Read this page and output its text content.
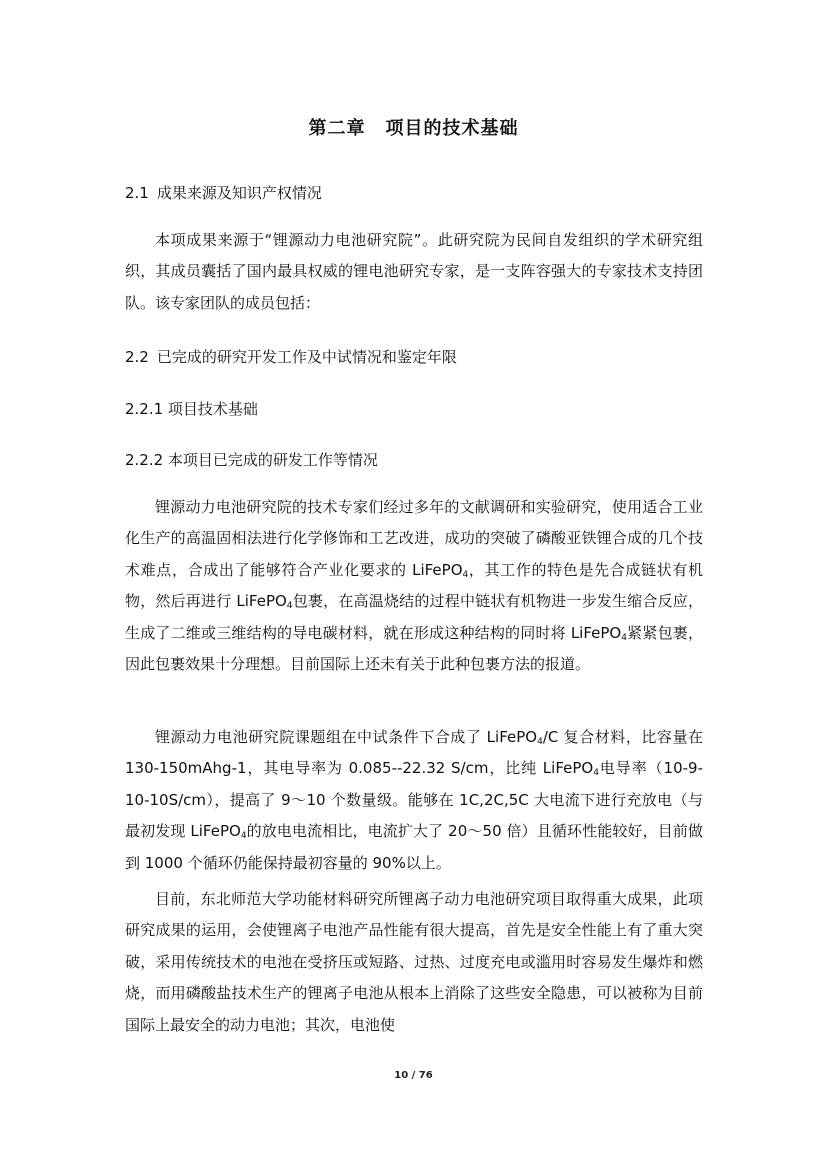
第二章 项目的技术基础
2.1 成果来源及知识产权情况

本项成果来源于“锂源动力电池研究院”。此研究院为民间自发组织的学术研究组织，其成员囊括了国内最具权威的锂电池研究专家，是一支阵容强大的专家技术支持团队。该专家团队的成员包括：

2.2 已完成的研究开发工作及中试情况和鉴定年限
2.2.1 项目技术基础
2.2.2 本项目已完成的研发工作等情况

锂源动力电池研究院的技术专家们经过多年的文献调研和实验研究，使用适合工业化生产的高温固相法进行化学修饰和工艺改进，成功的突破了磷酸亚铁锂合成的几个技术难点，合成出了能够符合产业化要求的 LiFePO$_4$，其工作的特色是先合成链状有机物，然后再进行 LiFePO$_4$包裹，在高温烧结的过程中链状有机物进一步发生缩合反应，生成了二维或三维结构的导电碳材料，就在形成这种结构的同时将 LiFePO$_4$紧紧包裹，因此包裹效果十分理想。目前国际上还未有关于此种包裹方法的报道。

锂源动力电池研究院课题组在中试条件下合成了 LiFePO$_4$/C 复合材料，比容量在 130-150mAhg-1，其电导率为 0.085--22.32 S/cm，比纯 LiFePO$_4$电导率（10-9-10-10S/cm），提高了 9～10 个数量级。能够在 1C,2C,5C 大电流下进行充放电（与最初发现 LiFePO$_4$的放电电流相比，电流扩大了 20～50 倍）且循环性能较好，目前做到 1000 个循环仍能保持最初容量的 90%以上。

目前，东北师范大学功能材料研究所锂离子动力电池研究项目取得重大成果，此项研究成果的运用，会使锂离子电池产品性能有很大提高，首先是安全性能上有了重大突破，采用传统技术的电池在受挤压或短路、过热、过度充电或滥用时容易发生爆炸和燃烧，而用磷酸盐技术生产的锂离子电池从根本上消除了这些安全隐患，可以被称为目前国际上最安全的动力电池；其次，电池使

10 / 76
